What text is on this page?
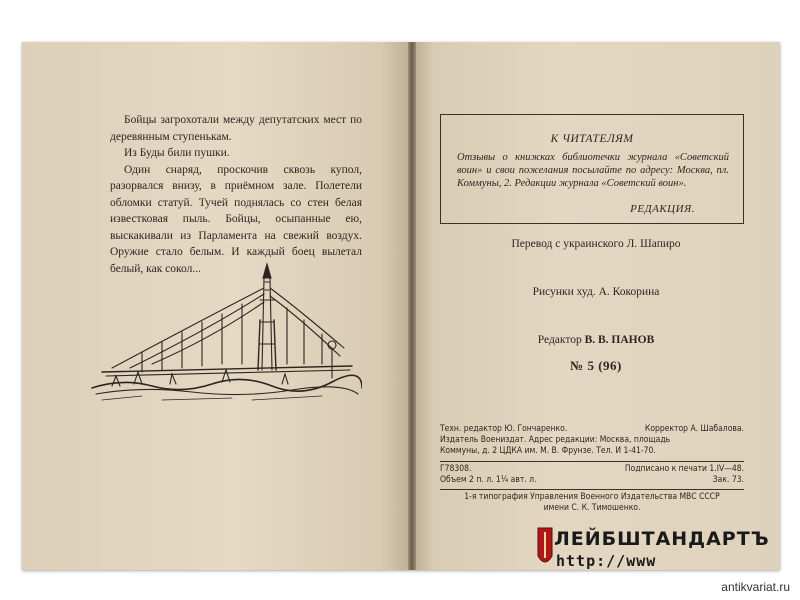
Бойцы загрохотали между депутатских мест по деревянным ступенькам.

Из Буды били пушки.

Один снаряд, проскочив сквозь купол, разорвался внизу, в приёмном зале. Полетели обломки статуй. Тучей поднялась со стен белая известковая пыль. Бойцы, осыпанные ею, выскакивали из Парламента на свежий воздух. Оружие стало белым. И каждый боец вылетал белый, как сокол...

К ЧИТАТЕЛЯМ
Отзывы о книжках библиотечки журнала «Советский воин» и свои пожелания посылайте по адресу: Москва, пл. Коммуны, 2. Редакции журнала «Советский воин».
РЕДАКЦИЯ.
Перевод с украинского Л. Шапиро
Рисунки худ. А. Кокорина
Редактор В. В. ПАНОВ
№ 5 (96)
Техн. редактор Ю. Гончаренко.	Корректор А. Шабалова.
Издатель Воениздат. Адрес редакции: Москва, площадь
Коммуны, д. 2 ЦДКА им. М. В. Фрунзе. Тел. И 1-41-70.
Г78308.	Подписано к печати 1.IV—48.
Объем 2 п. л. 1¼ авт. л.	Зак. 73.
1-я типография Управления Военного Издательства МВС СССР
имени С. К. Тимошенко.
ЛЕЙБШТАНДАРТЪ
http://www
antikvariat.ru
